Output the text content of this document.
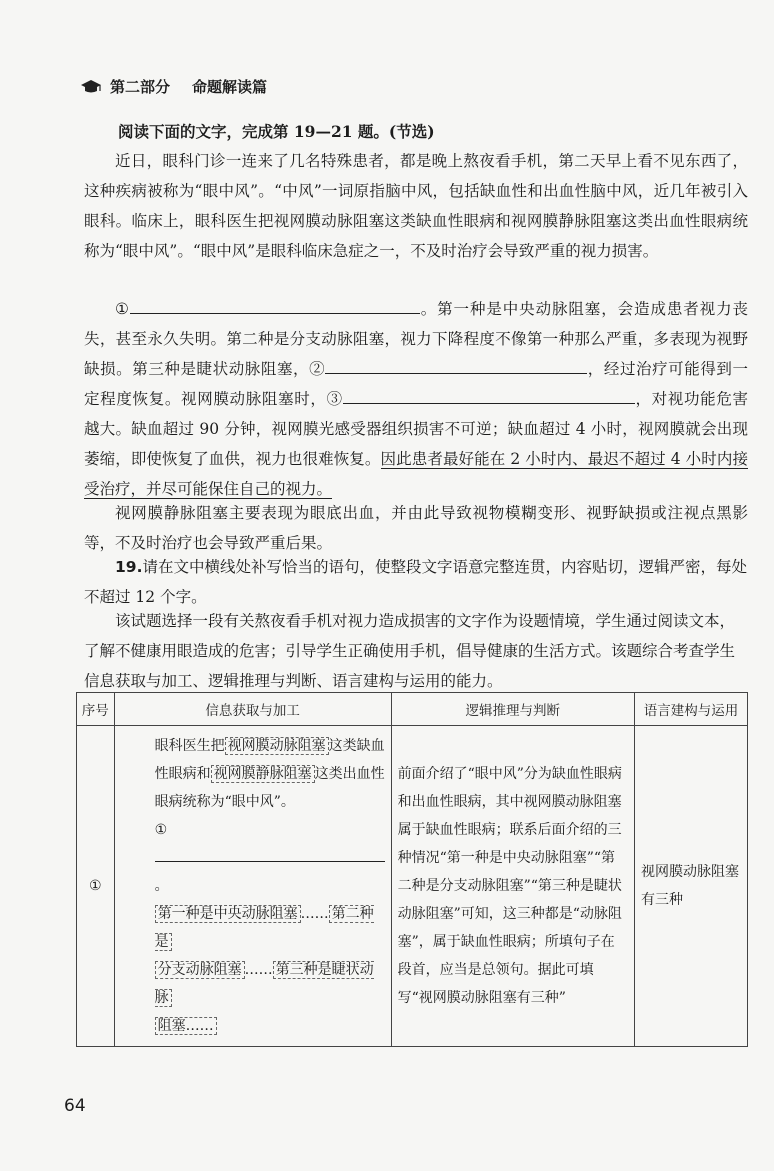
第二部分 命题解读篇
阅读下面的文字，完成第 19—21 题。(节选)

近日，眼科门诊一连来了几名特殊患者，都是晚上熬夜看手机，第二天早上看不见东西了，这种疾病被称为“眼中风”。“中风”一词原指脑中风，包括缺血性和出血性脑中风，近几年被引入眼科。临床上，眼科医生把视网膜动脉阻塞这类缺血性眼病和视网膜静脉阻塞这类出血性眼病统称为“眼中风”。“眼中风”是眼科临床急症之一，不及时治疗会导致严重的视力损害。

①	。第一种是中央动脉阻塞，会造成患者视力丧失，甚至永久失明。第二种是分支动脉阻塞，视力下降程度不像第一种那么严重，多表现为视野缺损。第三种是睫状动脉阻塞，②	，经过治疗可能得到一定程度恢复。视网膜动脉阻塞时，③	，对视功能危害越大。缺血超过 90 分钟，视网膜光感受器组织损害不可逆；缺血超过 4 小时，视网膜就会出现萎缩，即使恢复了血供，视力也很难恢复。因此患者最好能在 2 小时内、最迟不超过 4 小时内接受治疗，并尽可能保住自己的视力。

视网膜静脉阻塞主要表现为眼底出血，并由此导致视物模糊变形、视野缺损或注视点黑影等，不及时治疗也会导致严重后果。

19.请在文中横线处补写恰当的语句，使整段文字语意完整连贯，内容贴切，逻辑严密，每处不超过 12 个字。
该试题选择一段有关熬夜看手机对视力造成损害的文字作为设题情境，学生通过阅读文本，了解不健康用眼造成的危害；引导学生正确使用手机，倡导健康的生活方式。该题综合考查学生信息获取与加工、逻辑推理与判断、语言建构与运用的能力。
序号	信息获取与加工	逻辑推理与判断	语言建构与运用
①	眼科医生把 视网膜动脉阻塞 这类缺血性眼病和 视网膜静脉阻塞 这类出血性眼病统称为“眼中风”。
①。
第一种是中央动脉阻塞 …… 第二种是
分支动脉阻塞 …… 第三种是睫状动脉
阻塞……	前面介绍了“眼中风”分为缺血性眼病和出血性眼病，其中视网膜动脉阻塞属于缺血性眼病；联系后面介绍的三种情况“第一种是中央动脉阻塞”“第二种是分支动脉阻塞”“第三种是睫状动脉阻塞”可知，这三种都是“动脉阻塞”，属于缺血性眼病；所填句子在段首，应当是总领句。据此可填写“视网膜动脉阻塞有三种”	视网膜动脉阻塞有三种
64
